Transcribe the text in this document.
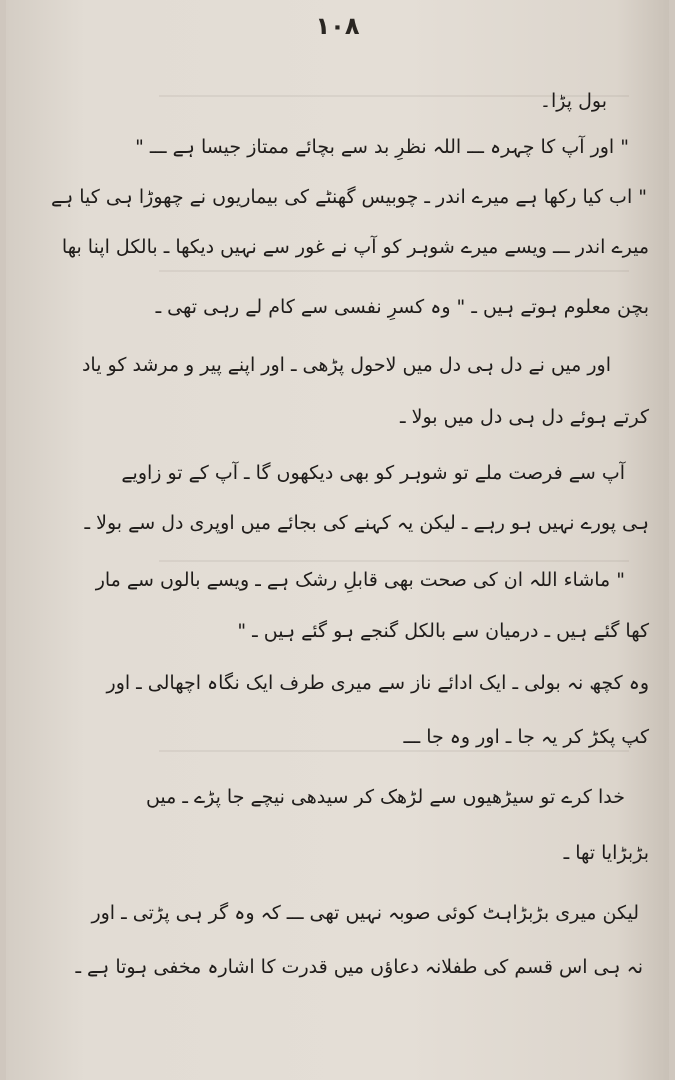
۱۰۸
بول پڑا۔
" اور آپ کا چہرہ ـــ اللہ نظرِ بد سے بچائے ممتاز جیسا ہے ـــ "
" اب کیا رکھا ہے میرے اندر ـ چوبیس گھنٹے کی بیماریوں نے چھوڑا ہی کیا ہے
میرے اندر ـــ ویسے میرے شوہر کو آپ نے غور سے نہیں دیکھا ـ بالکل اپنا بھا
بچن معلوم ہوتے ہیں ـ " وہ کسرِ نفسی سے کام لے رہی تھی ـ
اور میں نے دل ہی دل میں لاحول پڑھی ـ اور اپنے پیر و مرشد کو یاد
کرتے ہوئے دل ہی دل میں بولا ـ
آپ سے فرصت ملے تو شوہر کو بھی دیکھوں گا ـ آپ کے تو زاویے
ہی پورے نہیں ہو رہے ـ لیکن یہ کہنے کی بجائے میں اوپری دل سے بولا ـ
" ماشاء اللہ ان کی صحت بھی قابلِ رشک ہے ـ ویسے بالوں سے مار
کھا گئے ہیں ـ درمیان سے بالکل گنجے ہو گئے ہیں ـ "
وہ کچھ نہ بولی ـ ایک ادائے ناز سے میری طرف ایک نگاہ اچھالی ـ اور
کپ پکڑ کر یہ جا ـ اور وہ جا ـــ
خدا کرے تو سیڑھیوں سے لڑھک کر سیدھی نیچے جا پڑے ـ میں
بڑبڑایا تھا ـ
لیکن میری بڑبڑاہٹ کوئی صوبہ نہیں تھی ـــ کہ وہ گر ہی پڑتی ـ اور
نہ ہی اس قسم کی طفلانہ دعاؤں میں قدرت کا اشارہ مخفی ہوتا ہے ـ
